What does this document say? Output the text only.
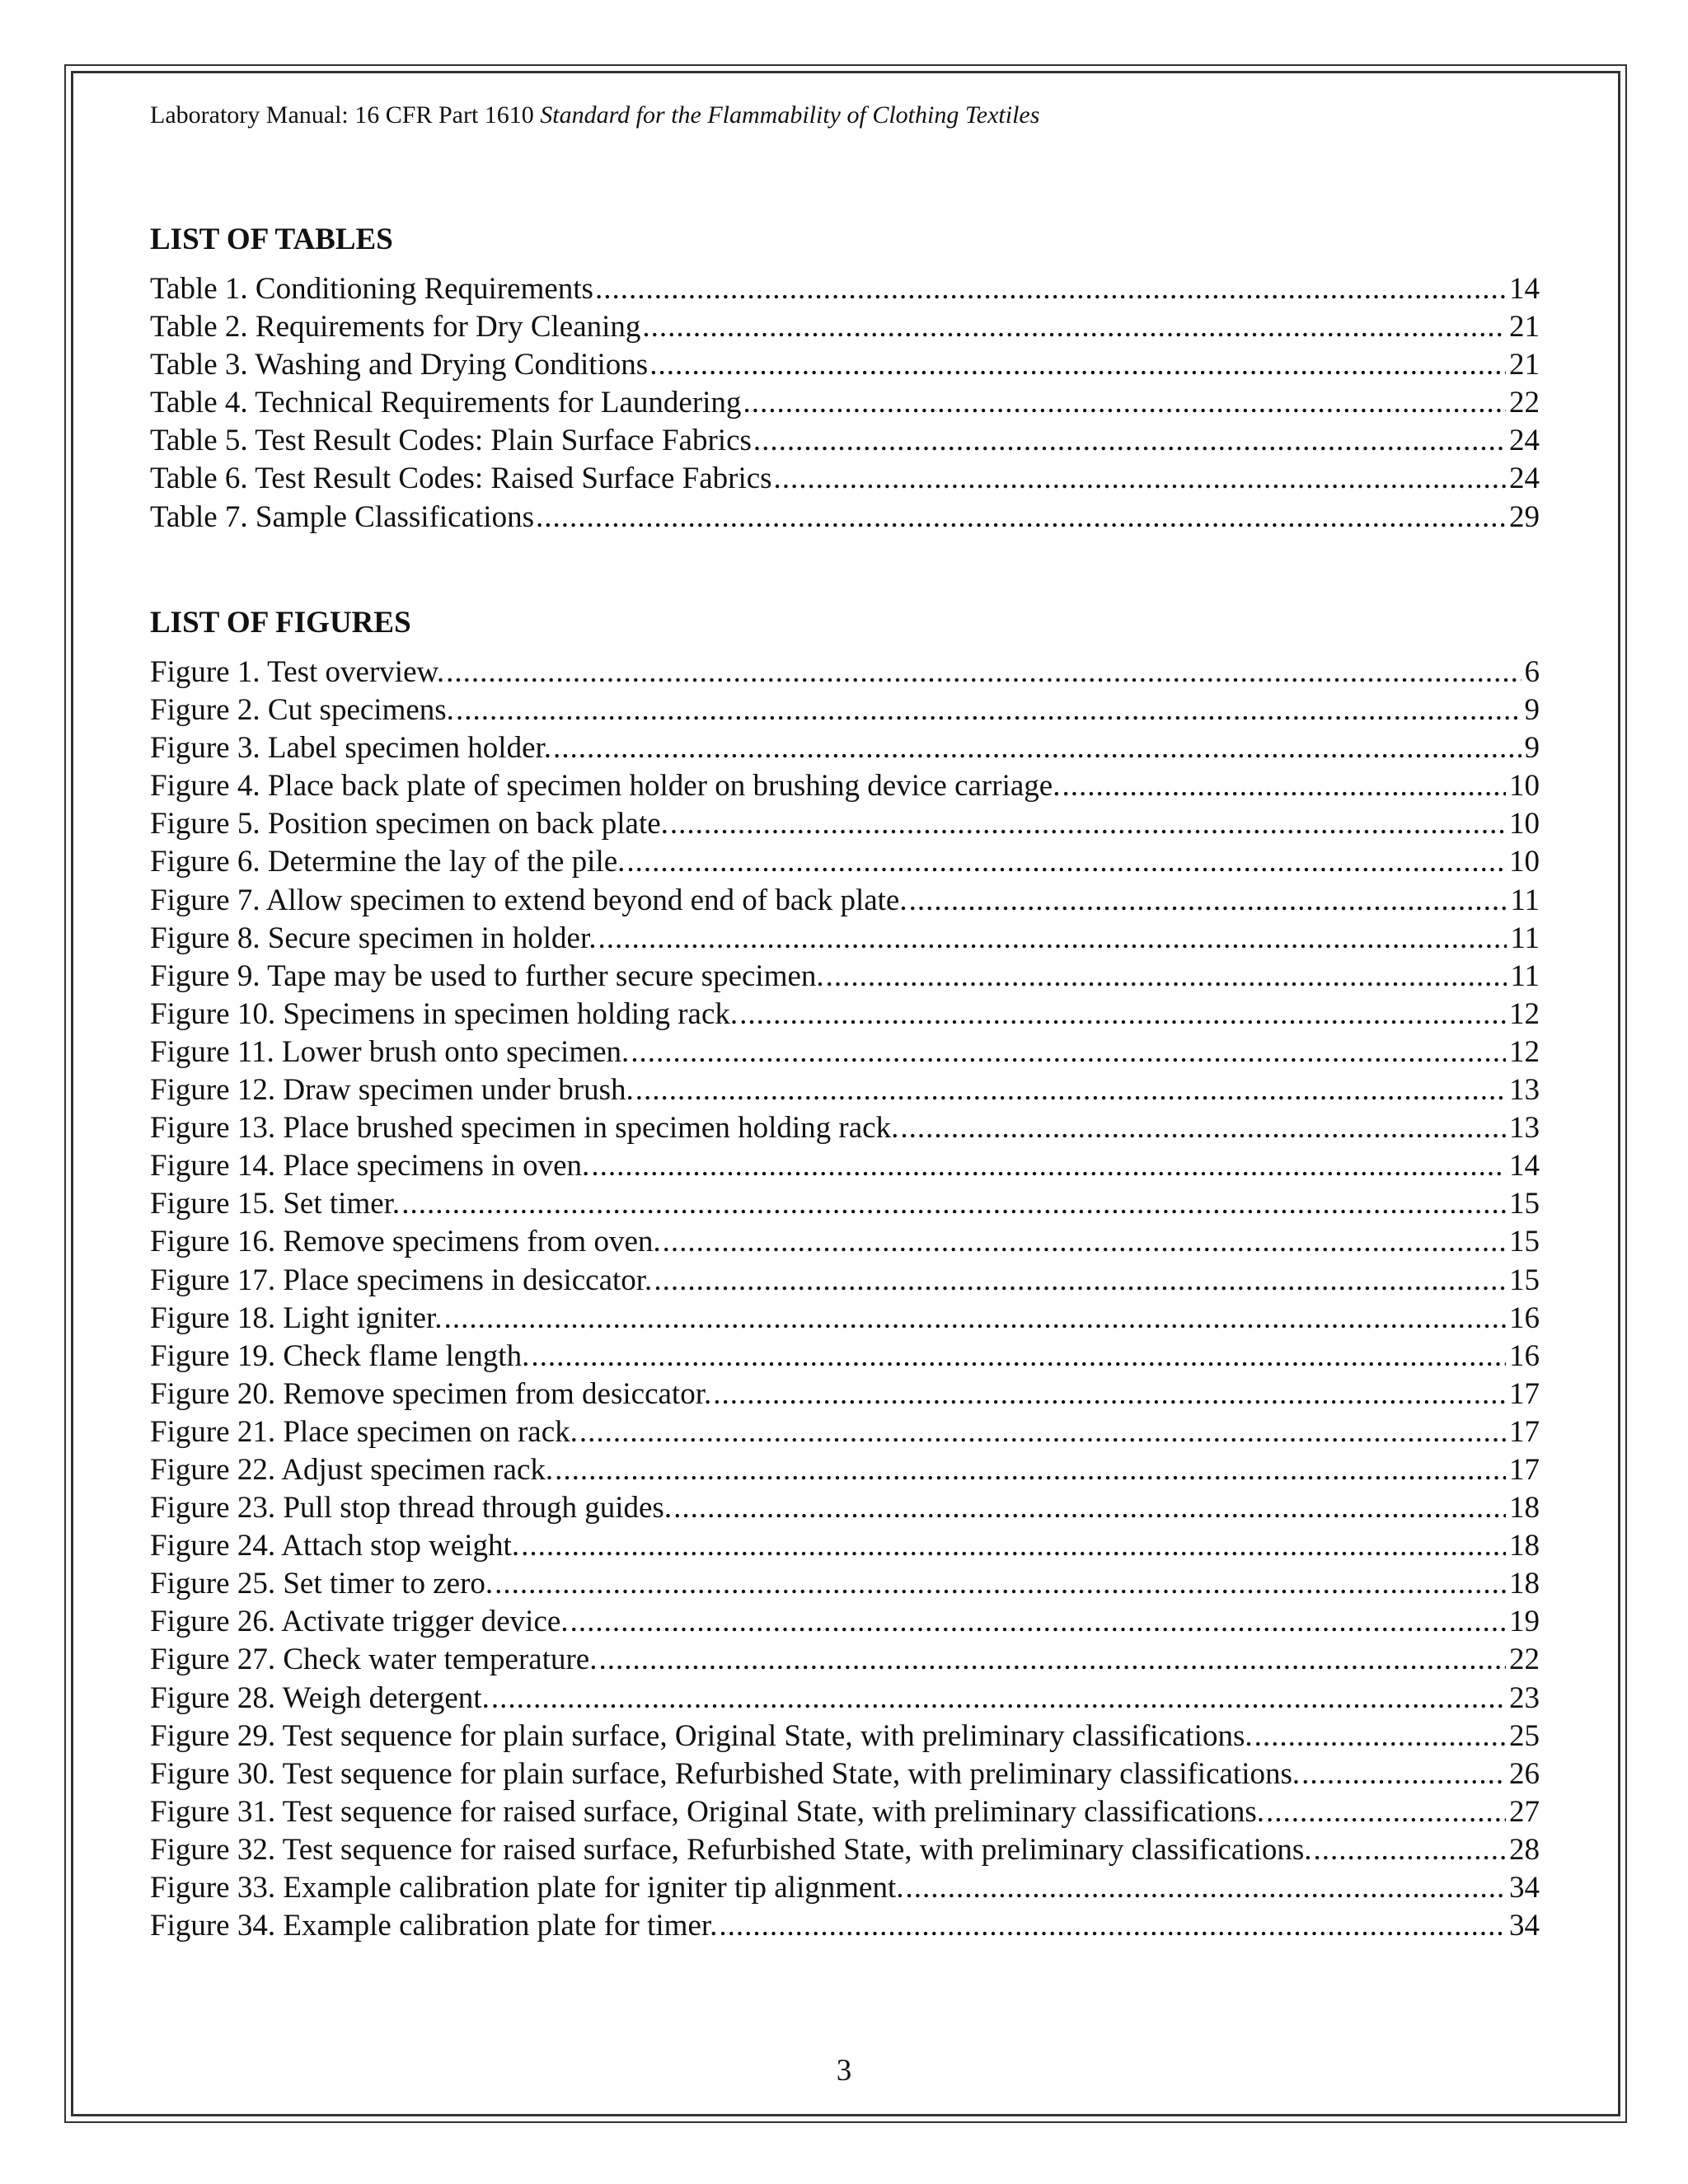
Laboratory Manual: 16 CFR Part 1610 Standard for the Flammability of Clothing Textiles
LIST OF TABLES
Table 1. Conditioning Requirements .....	14
Table 2. Requirements for Dry Cleaning .....	21
Table 3. Washing and Drying Conditions .....	21
Table 4. Technical Requirements for Laundering .....	22
Table 5. Test Result Codes: Plain Surface Fabrics .....	24
Table 6. Test Result Codes: Raised Surface Fabrics .....	24
Table 7. Sample Classifications .....	29
LIST OF FIGURES
Figure 1. Test overview. .....	6
Figure 2. Cut specimens. .....	9
Figure 3. Label specimen holder. .....	9
Figure 4. Place back plate of specimen holder on brushing device carriage. .....	10
Figure 5. Position specimen on back plate. .....	10
Figure 6. Determine the lay of the pile. .....	10
Figure 7. Allow specimen to extend beyond end of back plate. .....	11
Figure 8. Secure specimen in holder. .....	11
Figure 9. Tape may be used to further secure specimen. .....	11
Figure 10. Specimens in specimen holding rack. .....	12
Figure 11. Lower brush onto specimen. .....	12
Figure 12. Draw specimen under brush. .....	13
Figure 13. Place brushed specimen in specimen holding rack. .....	13
Figure 14. Place specimens in oven. .....	14
Figure 15. Set timer. .....	15
Figure 16. Remove specimens from oven. .....	15
Figure 17. Place specimens in desiccator. .....	15
Figure 18. Light igniter. .....	16
Figure 19. Check flame length. .....	16
Figure 20. Remove specimen from desiccator. .....	17
Figure 21. Place specimen on rack. .....	17
Figure 22. Adjust specimen rack. .....	17
Figure 23. Pull stop thread through guides. .....	18
Figure 24. Attach stop weight. .....	18
Figure 25. Set timer to zero. .....	18
Figure 26. Activate trigger device. .....	19
Figure 27. Check water temperature. .....	22
Figure 28. Weigh detergent. .....	23
Figure 29. Test sequence for plain surface, Original State, with preliminary classifications. .....	25
Figure 30. Test sequence for plain surface, Refurbished State, with preliminary classifications. .....	26
Figure 31. Test sequence for raised surface, Original State, with preliminary classifications. .....	27
Figure 32. Test sequence for raised surface, Refurbished State, with preliminary classifications. .....	28
Figure 33. Example calibration plate for igniter tip alignment. .....	34
Figure 34. Example calibration plate for timer. .....	34
3
